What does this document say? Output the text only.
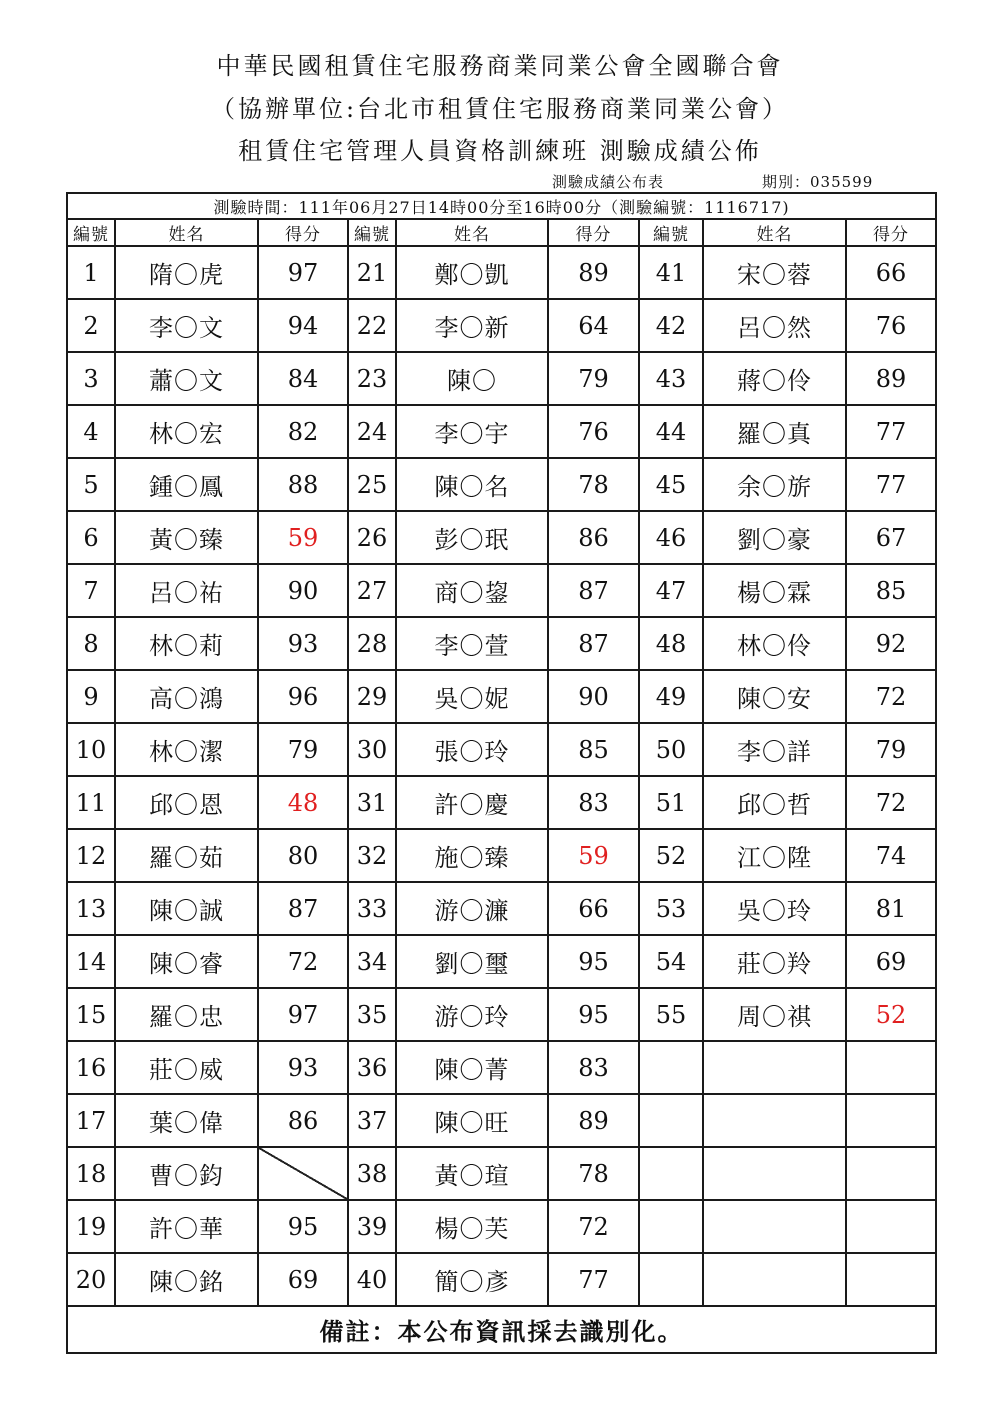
中華民國租賃住宅服務商業同業公會全國聯合會
（協辦單位:台北市租賃住宅服務商業同業公會）
租賃住宅管理人員資格訓練班 測驗成績公佈
測驗成績公布表	期別：035599
測驗時間：111年06月27日14時00分至16時00分（測驗編號：1116717)								
編號	姓名	得分	編號	姓名	得分	編號	姓名	得分
1	隋〇虎	97	21	鄭〇凱	89	41	宋〇蓉	66
2	李〇文	94	22	李〇新	64	42	呂〇然	76
3	蕭〇文	84	23	陳〇	79	43	蔣〇伶	89
4	林〇宏	82	24	李〇宇	76	44	羅〇真	77
5	鍾〇鳳	88	25	陳〇名	78	45	余〇旂	77
6	黃〇臻	59	26	彭〇珉	86	46	劉〇豪	67
7	呂〇祐	90	27	商〇鋆	87	47	楊〇霖	85
8	林〇莉	93	28	李〇萱	87	48	林〇伶	92
9	高〇鴻	96	29	吳〇妮	90	49	陳〇安	72
10	林〇潔	79	30	張〇玲	85	50	李〇詳	79
11	邱〇恩	48	31	許〇慶	83	51	邱〇哲	72
12	羅〇茹	80	32	施〇臻	59	52	江〇陞	74
13	陳〇誠	87	33	游〇濂	66	53	吳〇玲	81
14	陳〇睿	72	34	劉〇璽	95	54	莊〇羚	69
15	羅〇忠	97	35	游〇玲	95	55	周〇祺	52
16	莊〇威	93	36	陳〇菁	83			
17	葉〇偉	86	37	陳〇旺	89			
18	曹〇鈞		38	黃〇瑄	78			
19	許〇華	95	39	楊〇芙	72			
20	陳〇銘	69	40	簡〇彥	77			
備註：本公布資訊採去識別化。								
